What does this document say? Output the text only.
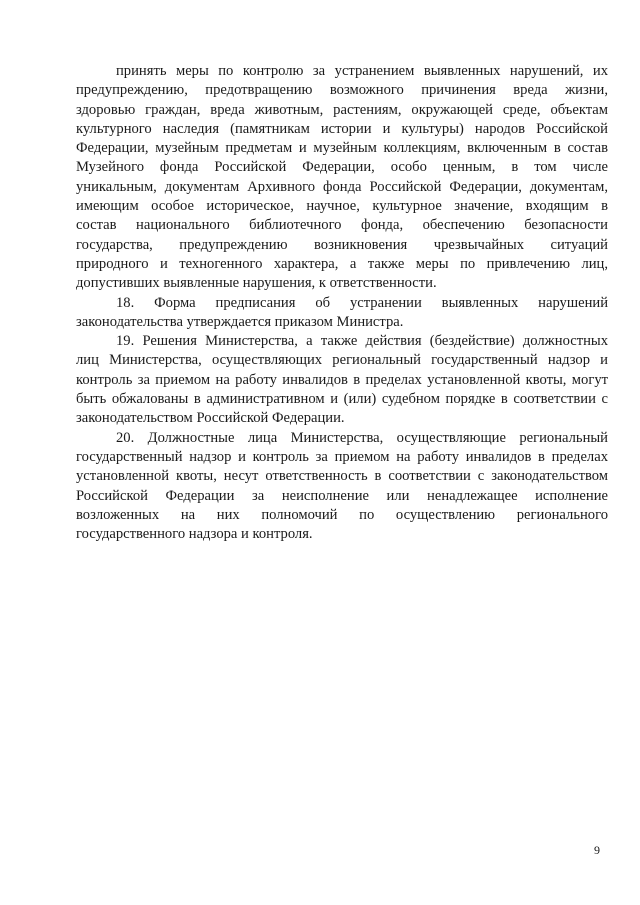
принять меры по контролю за устранением выявленных нарушений, их
предупреждению, предотвращению возможного причинения вреда жизни,
здоровью граждан, вреда животным, растениям, окружающей среде, объектам
культурного наследия (памятникам истории и культуры) народов Российской
Федерации, музейным предметам и музейным коллекциям, включенным в состав
Музейного фонда Российской Федерации, особо ценным, в том числе
уникальным, документам Архивного фонда Российской Федерации, документам,
имеющим особое историческое, научное, культурное значение, входящим в
состав национального библиотечного фонда, обеспечению безопасности
государства, предупреждению возникновения чрезвычайных ситуаций
природного и техногенного характера, а также меры по привлечению лиц,
допустивших выявленные нарушения, к ответственности.
18. Форма предписания об устранении выявленных нарушений
законодательства утверждается приказом Министра.
19. Решения Министерства, а также действия (бездействие) должностных
лиц Министерства, осуществляющих региональный государственный надзор и
контроль за приемом на работу инвалидов в пределах установленной квоты, могут
быть обжалованы в административном и (или) судебном порядке в соответствии с
законодательством Российской Федерации.
20. Должностные лица Министерства, осуществляющие региональный
государственный надзор и контроль за приемом на работу инвалидов в пределах
установленной квоты, несут ответственность в соответствии с законодательством
Российской Федерации за неисполнение или ненадлежащее исполнение
возложенных на них полномочий по осуществлению регионального
государственного надзора и контроля.
9
